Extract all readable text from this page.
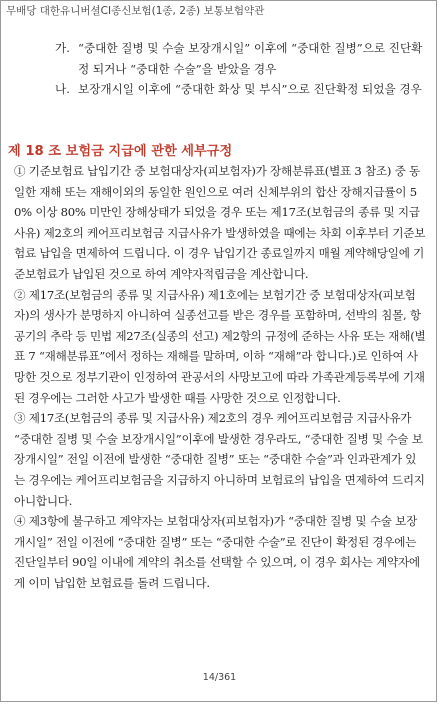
무배당 대한유니버셜CI종신보험(1종, 2종) 보통보험약관
가. “중대한 질병 및 수술 보장개시일” 이후에 “중대한 질병”으로 진단확정 되거나 “중대한 수술”을 받았을 경우
나. 보장개시일 이후에 “중대한 화상 및 부식”으로 진단확정 되었을 경우
제 18 조 보험금 지급에 관한 세부규정
① 기준보험료 납입기간 중 보험대상자(피보험자)가 장해분류표(별표 3 참조) 중 동일한 재해 또는 재해이외의 동일한 원인으로 여러 신체부위의 합산 장해지급률이 50% 이상 80% 미만인 장해상태가 되었을 경우 또는 제17조(보험금의 종류 및 지급사유) 제2호의 케어프리보험금 지급사유가 발생하였을 때에는 차회 이후부터 기준보험료 납입을 면제하여 드립니다. 이 경우 납입기간 종료일까지 매월 계약해당일에 기준보험료가 납입된 것으로 하여 계약자적립금을 계산합니다.
② 제17조(보험금의 종류 및 지급사유) 제1호에는 보험기간 중 보험대상자(피보험자)의 생사가 분명하지 아니하여 실종선고를 받은 경우를 포함하며, 선박의 침몰, 항공기의 추락 등 민법 제27조(실종의 선고) 제2항의 규정에 준하는 사유 또는 재해(별표 7 “재해분류표”에서 정하는 재해를 말하며, 이하 “재해”라 합니다.)로 인하여 사망한 것으로 정부기관이 인정하여 관공서의 사망보고에 따라 가족관계등록부에 기재된 경우에는 그러한 사고가 발생한 때를 사망한 것으로 인정합니다.
③ 제17조(보험금의 종류 및 지급사유) 제2호의 경우 케어프리보험금 지급사유가 “중대한 질병 및 수술 보장개시일”이후에 발생한 경우라도, “중대한 질병 및 수술 보장개시일” 전일 이전에 발생한 “중대한 질병” 또는 “중대한 수술”과 인과관계가 있는 경우에는 케어프리보험금을 지급하지 아니하며 보험료의 납입을 면제하여 드리지 아니합니다.
④ 제3항에 불구하고 계약자는 보험대상자(피보험자)가 “중대한 질병 및 수술 보장개시일” 전일 이전에 “중대한 질병” 또는 “중대한 수술”로 진단이 확정된 경우에는 진단일부터 90일 이내에 계약의 취소를 선택할 수 있으며, 이 경우 회사는 계약자에게 이미 납입한 보험료를 돌려 드립니다.
14/361
